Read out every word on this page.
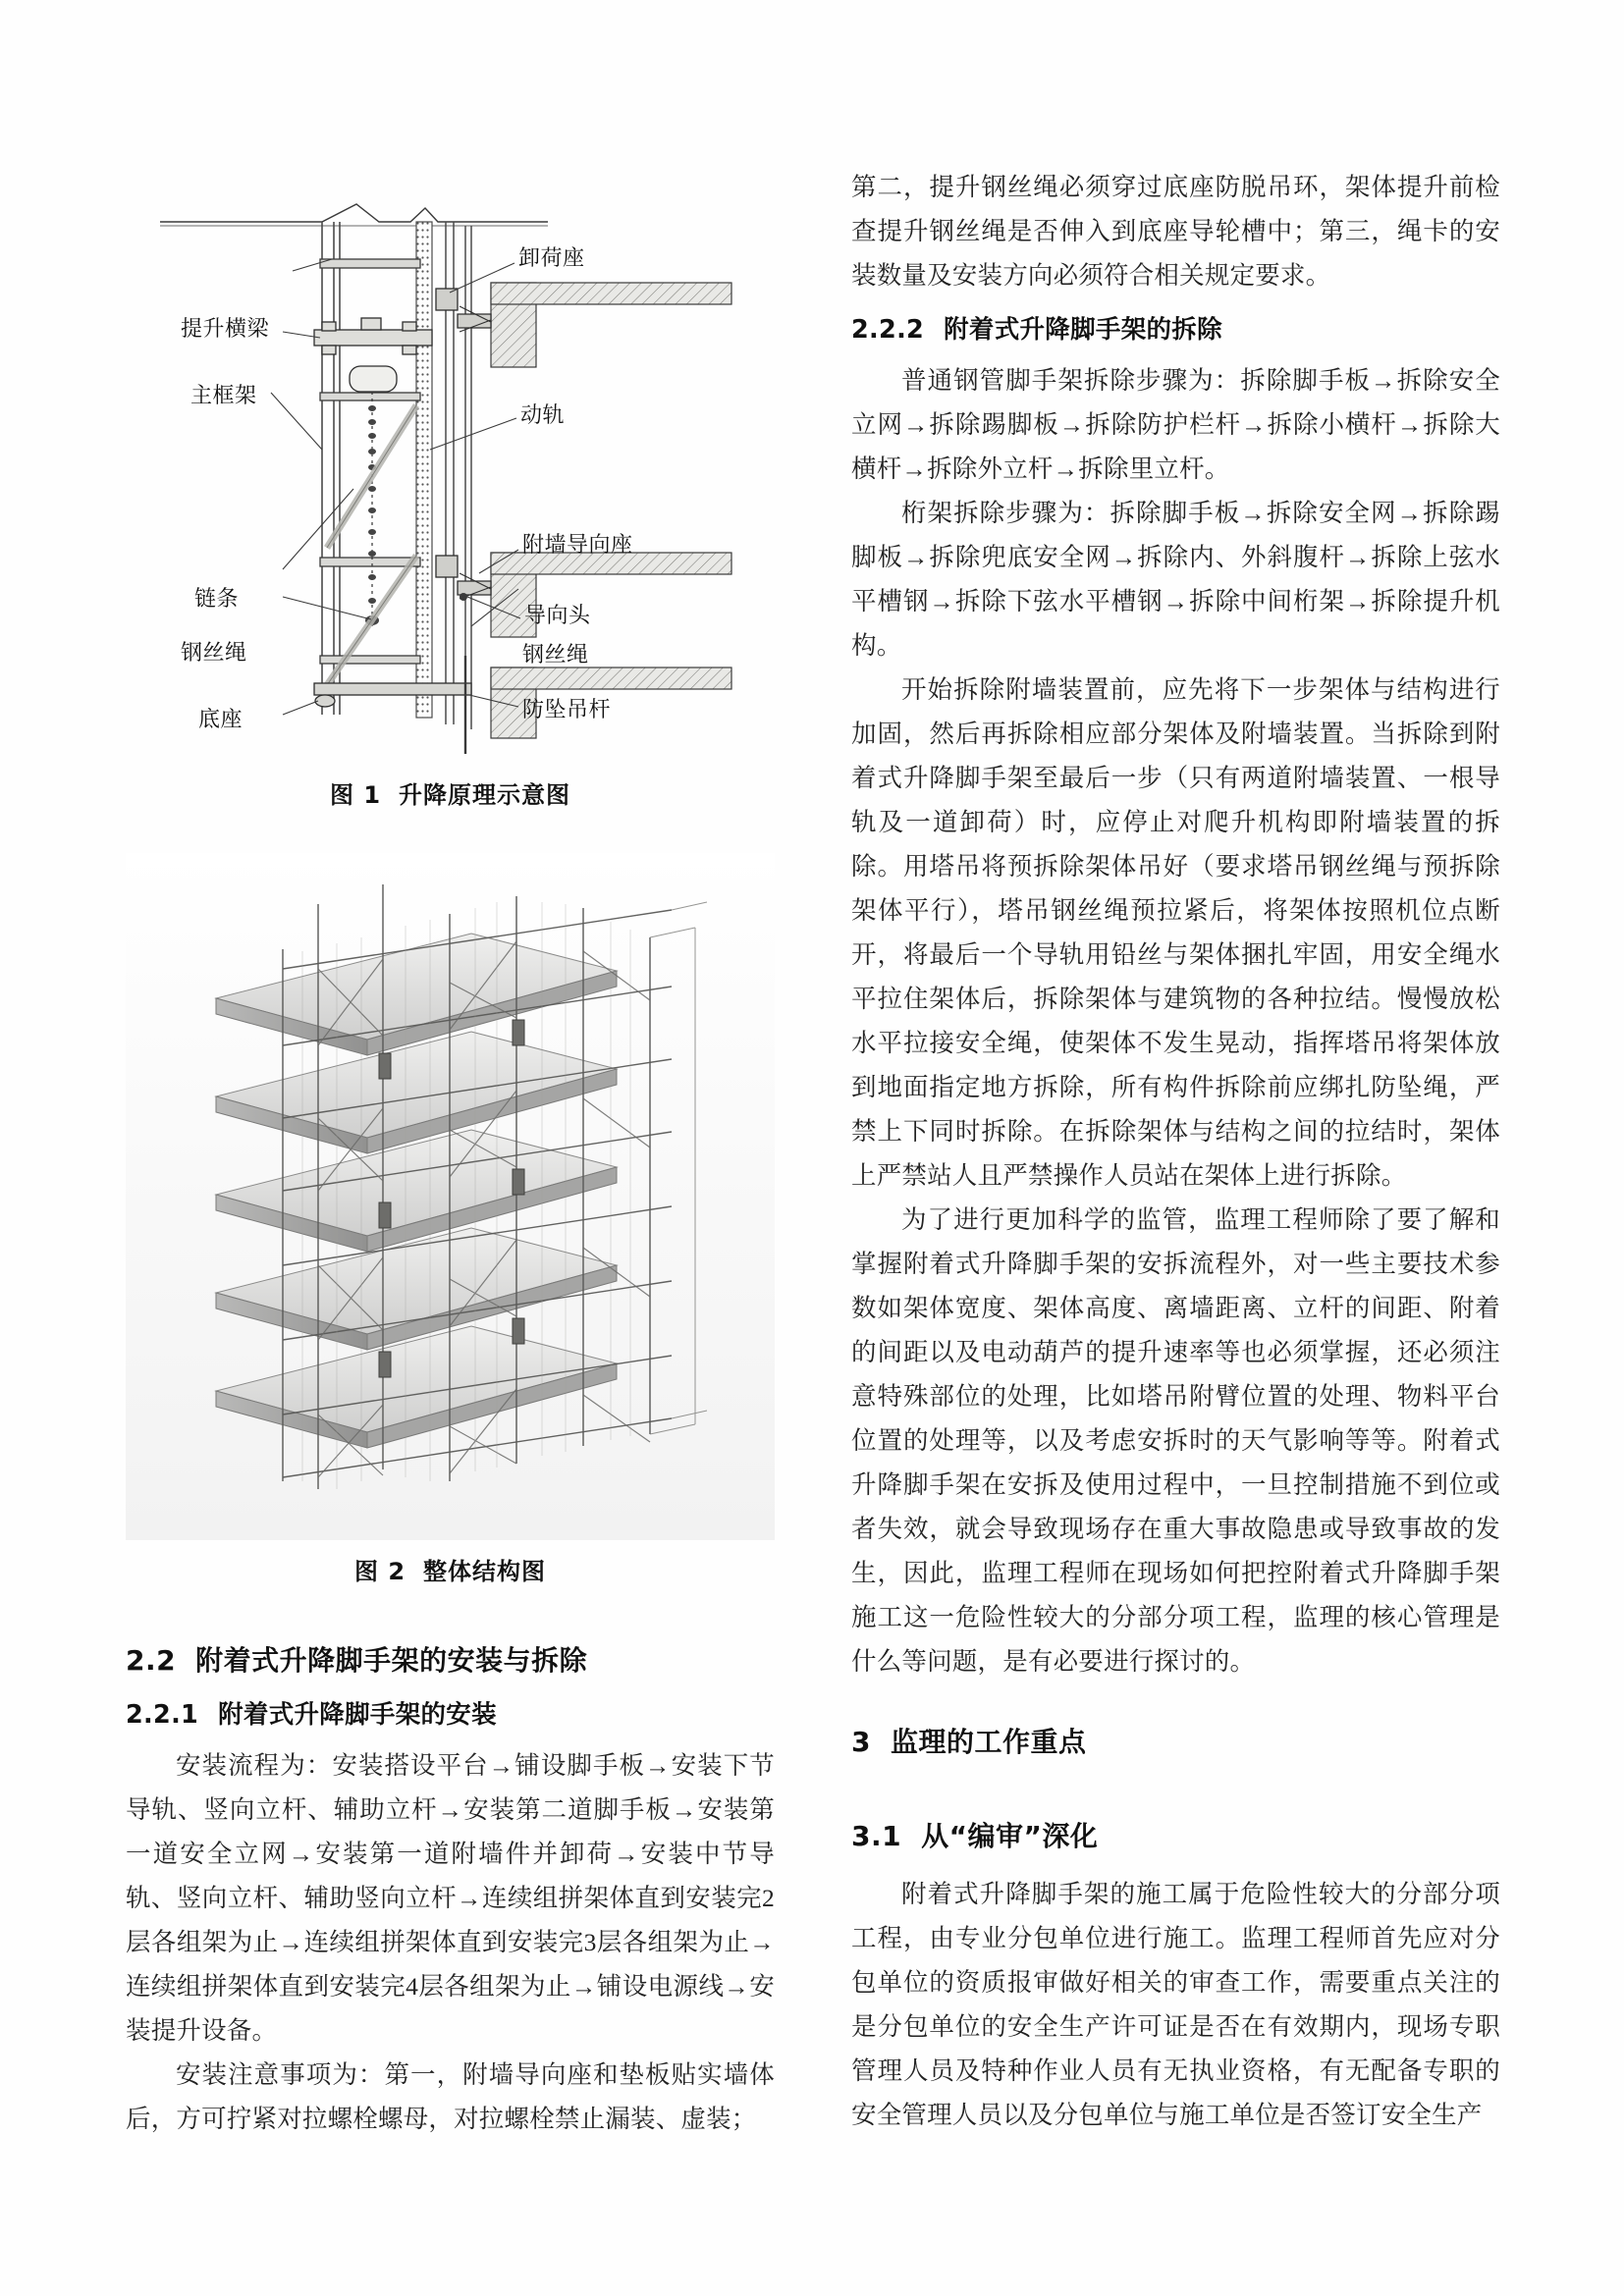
提升横梁
主框架
链条
钢丝绳
底座
卸荷座
动轨
附墙导向座
导向头
钢丝绳
防坠吊杆
图 1 升降原理示意图
图 2 整体结构图
2.2 附着式升降脚手架的安装与拆除
2.2.1 附着式升降脚手架的安装

安装流程为：安装搭设平台→铺设脚手板→安装下节导轨、竖向立杆、辅助立杆→安装第二道脚手板→安装第一道安全立网→安装第一道附墙件并卸荷→安装中节导轨、竖向立杆、辅助竖向立杆→连续组拼架体直到安装完2层各组架为止→连续组拼架体直到安装完3层各组架为止→连续组拼架体直到安装完4层各组架为止→铺设电源线→安装提升设备。

安装注意事项为：第一，附墙导向座和垫板贴实墙体后，方可拧紧对拉螺栓螺母，对拉螺栓禁止漏装、虚装；

第二，提升钢丝绳必须穿过底座防脱吊环，架体提升前检查提升钢丝绳是否伸入到底座导轮槽中；第三，绳卡的安装数量及安装方向必须符合相关规定要求。

2.2.2 附着式升降脚手架的拆除

普通钢管脚手架拆除步骤为：拆除脚手板→拆除安全立网→拆除踢脚板→拆除防护栏杆→拆除小横杆→拆除大横杆→拆除外立杆→拆除里立杆。

桁架拆除步骤为：拆除脚手板→拆除安全网→拆除踢脚板→拆除兜底安全网→拆除内、外斜腹杆→拆除上弦水平槽钢→拆除下弦水平槽钢→拆除中间桁架→拆除提升机构。

开始拆除附墙装置前，应先将下一步架体与结构进行加固，然后再拆除相应部分架体及附墙装置。当拆除到附着式升降脚手架至最后一步（只有两道附墙装置、一根导轨及一道卸荷）时，应停止对爬升机构即附墙装置的拆除。用塔吊将预拆除架体吊好（要求塔吊钢丝绳与预拆除架体平行），塔吊钢丝绳预拉紧后，将架体按照机位点断开，将最后一个导轨用铅丝与架体捆扎牢固，用安全绳水平拉住架体后，拆除架体与建筑物的各种拉结。慢慢放松水平拉接安全绳，使架体不发生晃动，指挥塔吊将架体放到地面指定地方拆除，所有构件拆除前应绑扎防坠绳，严禁上下同时拆除。在拆除架体与结构之间的拉结时，架体上严禁站人且严禁操作人员站在架体上进行拆除。

为了进行更加科学的监管，监理工程师除了要了解和掌握附着式升降脚手架的安拆流程外，对一些主要技术参数如架体宽度、架体高度、离墙距离、立杆的间距、附着的间距以及电动葫芦的提升速率等也必须掌握，还必须注意特殊部位的处理，比如塔吊附臂位置的处理、物料平台位置的处理等，以及考虑安拆时的天气影响等等。附着式升降脚手架在安拆及使用过程中，一旦控制措施不到位或者失效，就会导致现场存在重大事故隐患或导致事故的发生，因此，监理工程师在现场如何把控附着式升降脚手架施工这一危险性较大的分部分项工程，监理的核心管理是什么等问题，是有必要进行探讨的。

3 监理的工作重点
3.1 从“编审”深化

附着式升降脚手架的施工属于危险性较大的分部分项工程，由专业分包单位进行施工。监理工程师首先应对分包单位的资质报审做好相关的审查工作，需要重点关注的是分包单位的安全生产许可证是否在有效期内，现场专职管理人员及特种作业人员有无执业资格，有无配备专职的安全管理人员以及分包单位与施工单位是否签订安全生产
